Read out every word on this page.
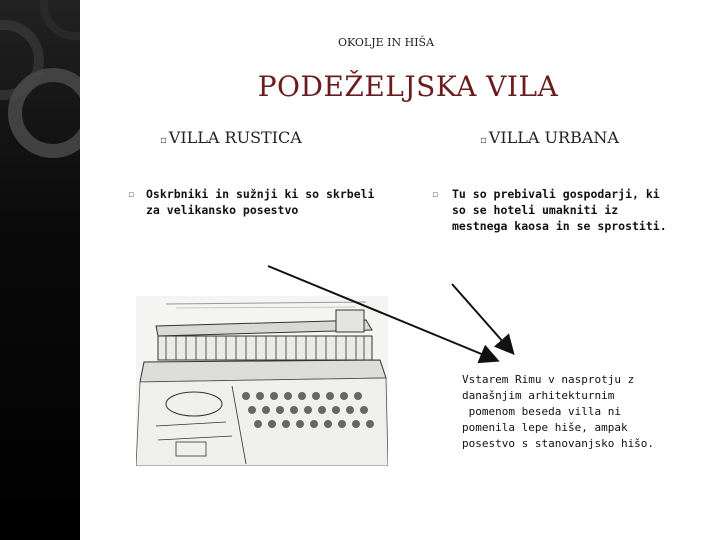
OKOLJE IN HIŠA
PODEŽELJSKA VILA
▫ VILLA RUSTICA	▫ VILLA URBANA
▫ Oskrbniki in sužnji ki so skrbeli
za velikansko posestvo
▫ Tu so prebivali gospodarji, ki
so se hoteli umakniti iz
mestnega kaosa in se sprostiti.
Vstarem Rimu v nasprotju z
današnjim arhitekturnim
pomenom beseda villa ni
pomenila lepe hiše, ampak
posestvo s stanovanjsko hišo.
